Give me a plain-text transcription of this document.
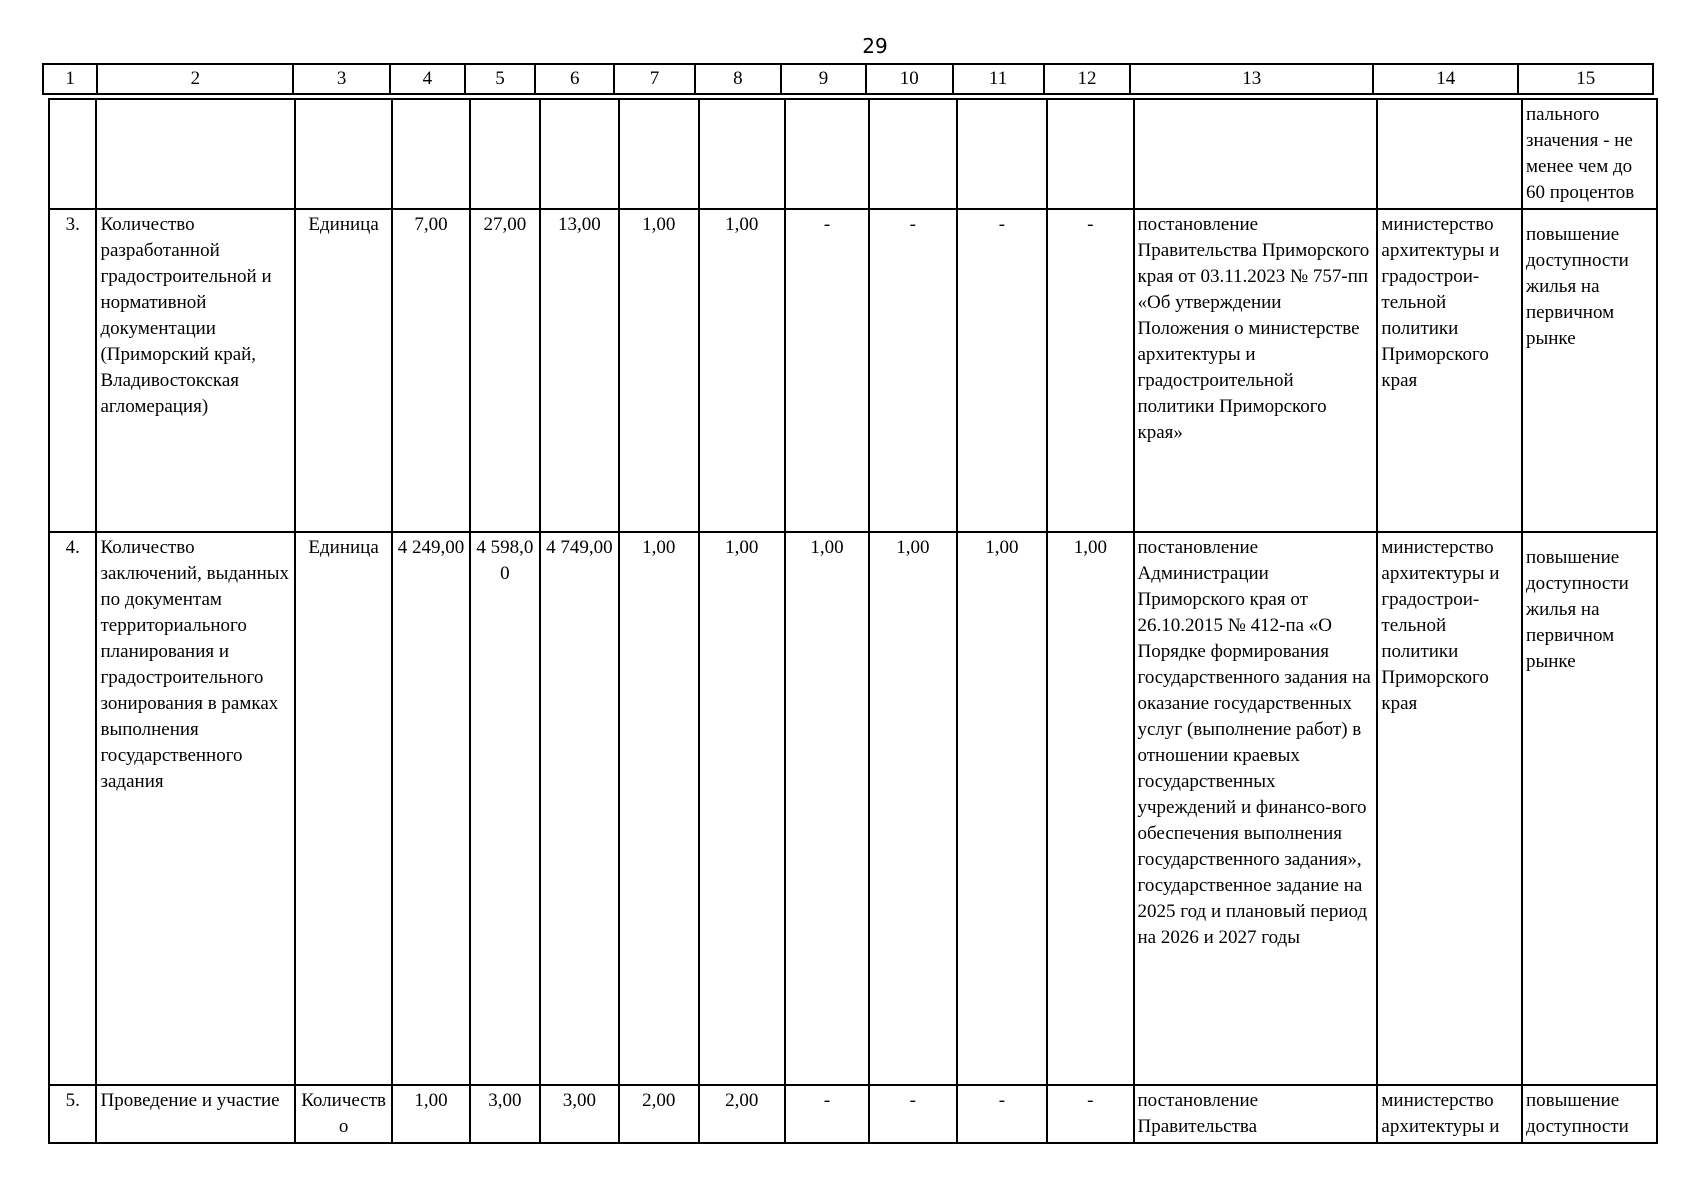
29
1	2	3	4	5	6	7	8	9	10	11	12	13	14	15
														пального значения - не менее чем до 60 процентов
3.	Количество разработанной градостроительной и нормативной документации (Приморский край, Владивостокская агломерация)	Единица	7,00	27,00	13,00	1,00	1,00	-	-	-	-	постановление Правительства Приморского края от 03.11.2023 № 757-пп «Об утверждении Положения о министерстве архитектуры и градостроительной политики Приморского края»	министерство архитектуры и градострои-тельной политики Приморского края	повышение доступности жилья на первичном рынке
4.	Количество заключений, выданных по документам территориального планирования и градостроительного зонирования в рамках выполнения государственного задания	Единица	4 249,00	4 598,00	4 749,00	1,00	1,00	1,00	1,00	1,00	1,00	постановление Администрации Приморского края от 26.10.2015 № 412-па «О Порядке формирования государственного задания на оказание государственных услуг (выполнение работ) в отношении краевых государственных учреждений и финансо-вого обеспечения выполнения государственного задания», государственное задание на 2025 год и плановый период на 2026 и 2027 годы	министерство архитектуры и градострои-тельной политики Приморского края	повышение доступности жилья на первичном рынке
5.	Проведение и участие	Количество	1,00	3,00	3,00	2,00	2,00	-	-	-	-	постановление Правительства	министерство архитектуры и	повышение доступности
